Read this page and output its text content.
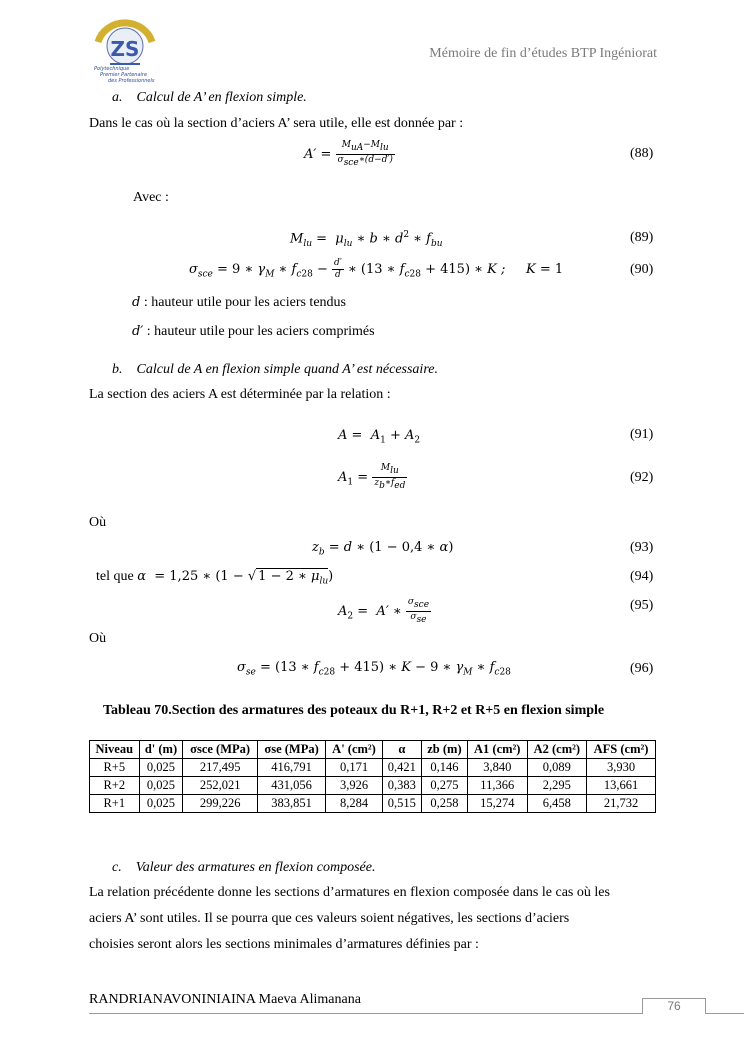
ZS
Polytechnique
Premier Partenaire
des Professionnels
Mémoire de fin d’études BTP Ingéniorat
a. Calcul de A’ en flexion simple.
Dans le cas où la section d’aciers A’ sera utile, elle est donnée par :
$A' = \frac{M_{uA}-M_{lu}}{\sigma_{sce}∗(d-d')}$	(88)
Avec :
$M_{lu} = \mu_{lu}$ ∗ b ∗ $d^2$ ∗ $f_{bu}$	(89)
$\sigma_{sce} = 9$ ∗ $\gamma_M$ ∗ $f_{c28} - \frac{d'}{d}$ ∗ (13 ∗ $f_{c28} + 415$) ∗ K ;     K = 1	(90)
d : hauteur utile pour les aciers tendus
d′ : hauteur utile pour les aciers comprimés
b. Calcul de A en flexion simple quand A’ est nécessaire.
La section des aciers A est déterminée par la relation :
$A = A_1 + A_2$	(91)
$A_1 = \frac{M_{lu}}{z_b∗f_{ed}}$	(92)
Où
$z_b = d$ ∗ (1 − 0,4 ∗ α)	(93)
tel que α  = 1,25 ∗ (1 − √ 1 − 2 ∗ $\mu_{lu}$)	(94)
$A_2 = A'$ ∗ $\frac{\sigma_{sce}}{\sigma_{se}}$	(95)
Où
$\sigma_{se} = (13$ ∗ $f_{c28} + 415$) ∗ K − 9 ∗ $\gamma_M$ ∗ $f_{c28}$	(96)
Tableau 70.Section des armatures des poteaux du R+1, R+2 et R+5 en flexion simple
Niveau	d' (m)	σsce (MPa)	σse (MPa)	A' (cm²)	α	zb (m)	A1 (cm²)	A2 (cm²)	AFS (cm²)
R+5	0,025	217,495	416,791	0,171	0,421	0,146	3,840	0,089	3,930
R+2	0,025	252,021	431,056	3,926	0,383	0,275	11,366	2,295	13,661
R+1	0,025	299,226	383,851	8,284	0,515	0,258	15,274	6,458	21,732
c. Valeur des armatures en flexion composée.
La relation précédente donne les sections d’armatures en flexion composée dans le cas où les
aciers A’ sont utiles. Il se pourra que ces valeurs soient négatives, les sections d’aciers
choisies seront alors les sections minimales d’armatures définies par :
RANDRIANAVONINIAINA Maeva Alimanana	76
